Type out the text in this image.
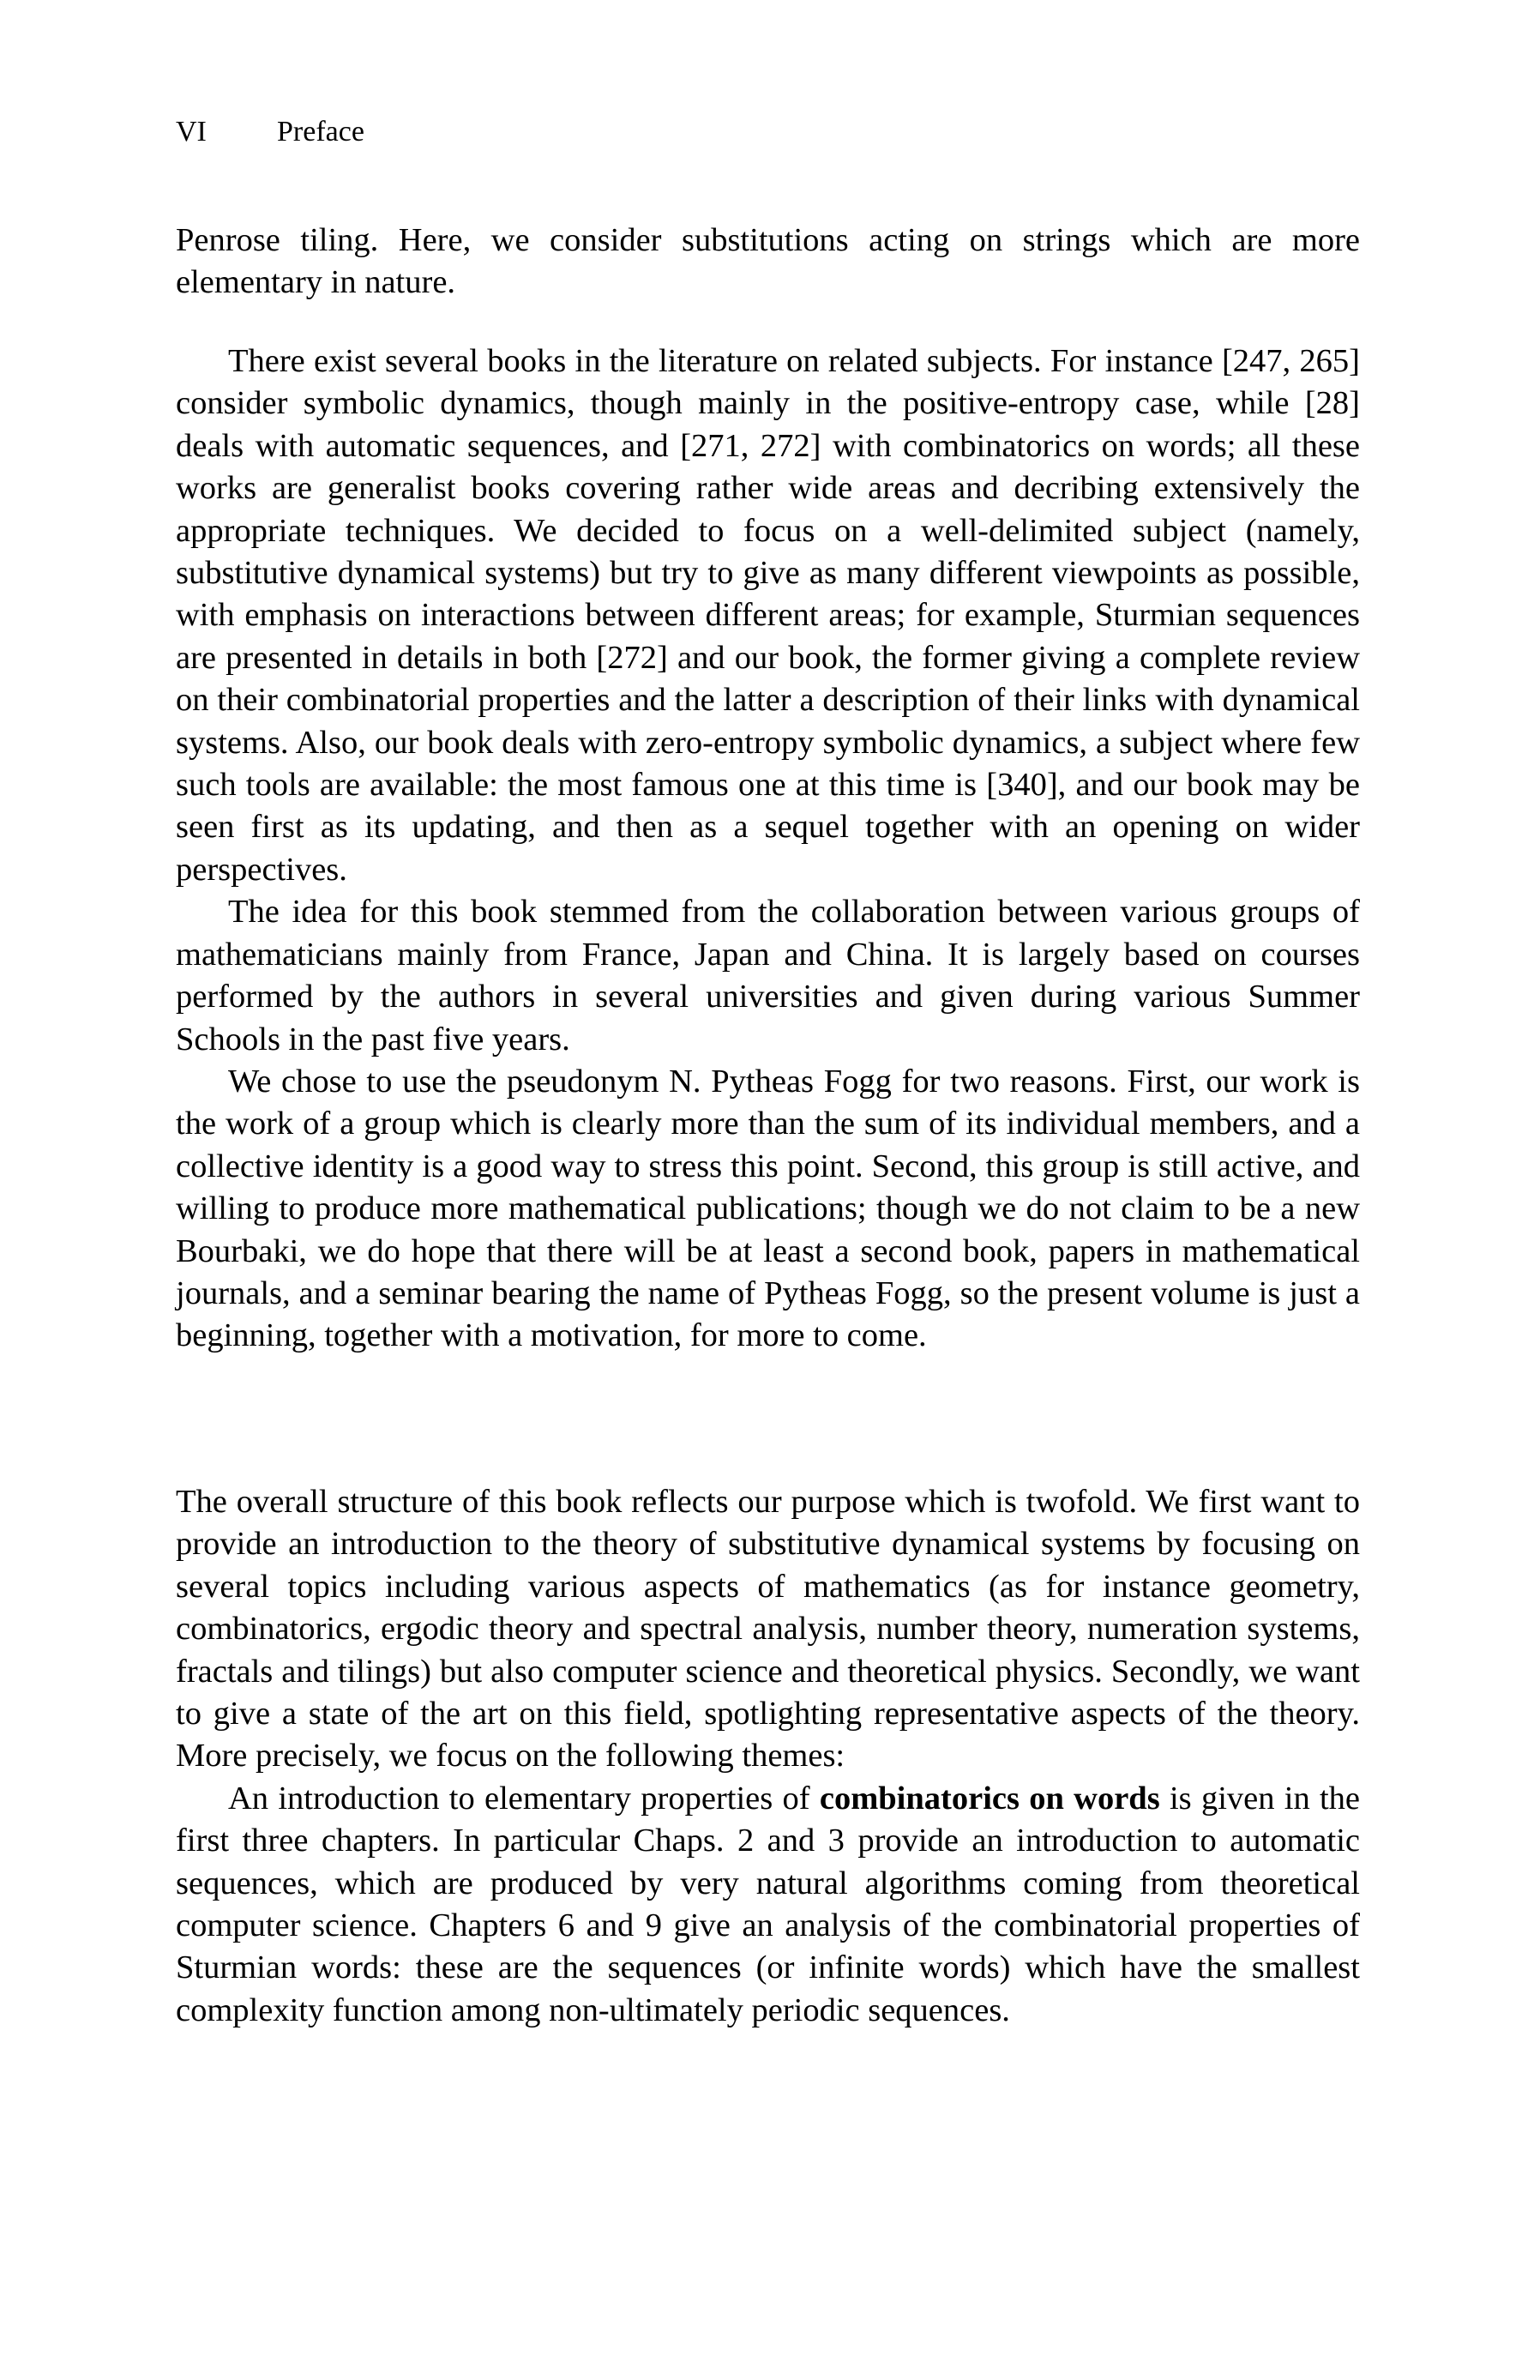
VI Preface

Penrose tiling. Here, we consider substitutions acting on strings which are more elementary in nature.

There exist several books in the literature on related subjects. For instance [247, 265] consider symbolic dynamics, though mainly in the positive-entropy case, while [28] deals with automatic sequences, and [271, 272] with combinatorics on words; all these works are generalist books covering rather wide areas and decribing extensively the appropriate techniques. We decided to focus on a well-delimited subject (namely, substitutive dynamical systems) but try to give as many different viewpoints as possible, with emphasis on interactions between different areas; for example, Sturmian sequences are presented in details in both [272] and our book, the former giving a complete review on their combinatorial properties and the latter a description of their links with dynamical systems. Also, our book deals with zero-entropy symbolic dynamics, a subject where few such tools are available: the most famous one at this time is [340], and our book may be seen first as its updating, and then as a sequel together with an opening on wider perspectives.

The idea for this book stemmed from the collaboration between various groups of mathematicians mainly from France, Japan and China. It is largely based on courses performed by the authors in several universities and given during various Summer Schools in the past five years.

We chose to use the pseudonym N. Pytheas Fogg for two reasons. First, our work is the work of a group which is clearly more than the sum of its individual members, and a collective identity is a good way to stress this point. Second, this group is still active, and willing to produce more mathematical publications; though we do not claim to be a new Bourbaki, we do hope that there will be at least a second book, papers in mathematical journals, and a seminar bearing the name of Pytheas Fogg, so the present volume is just a beginning, together with a motivation, for more to come.

The overall structure of this book reflects our purpose which is twofold. We first want to provide an introduction to the theory of substitutive dynamical systems by focusing on several topics including various aspects of mathematics (as for instance geometry, combinatorics, ergodic theory and spectral analysis, number theory, numeration systems, fractals and tilings) but also computer science and theoretical physics. Secondly, we want to give a state of the art on this field, spotlighting representative aspects of the theory. More precisely, we focus on the following themes:

An introduction to elementary properties of combinatorics on words is given in the first three chapters. In particular Chaps. 2 and 3 provide an introduction to automatic sequences, which are produced by very natural algorithms coming from theoretical computer science. Chapters 6 and 9 give an analysis of the combinatorial properties of Sturmian words: these are the sequences (or infinite words) which have the smallest complexity function among non-ultimately periodic sequences.
